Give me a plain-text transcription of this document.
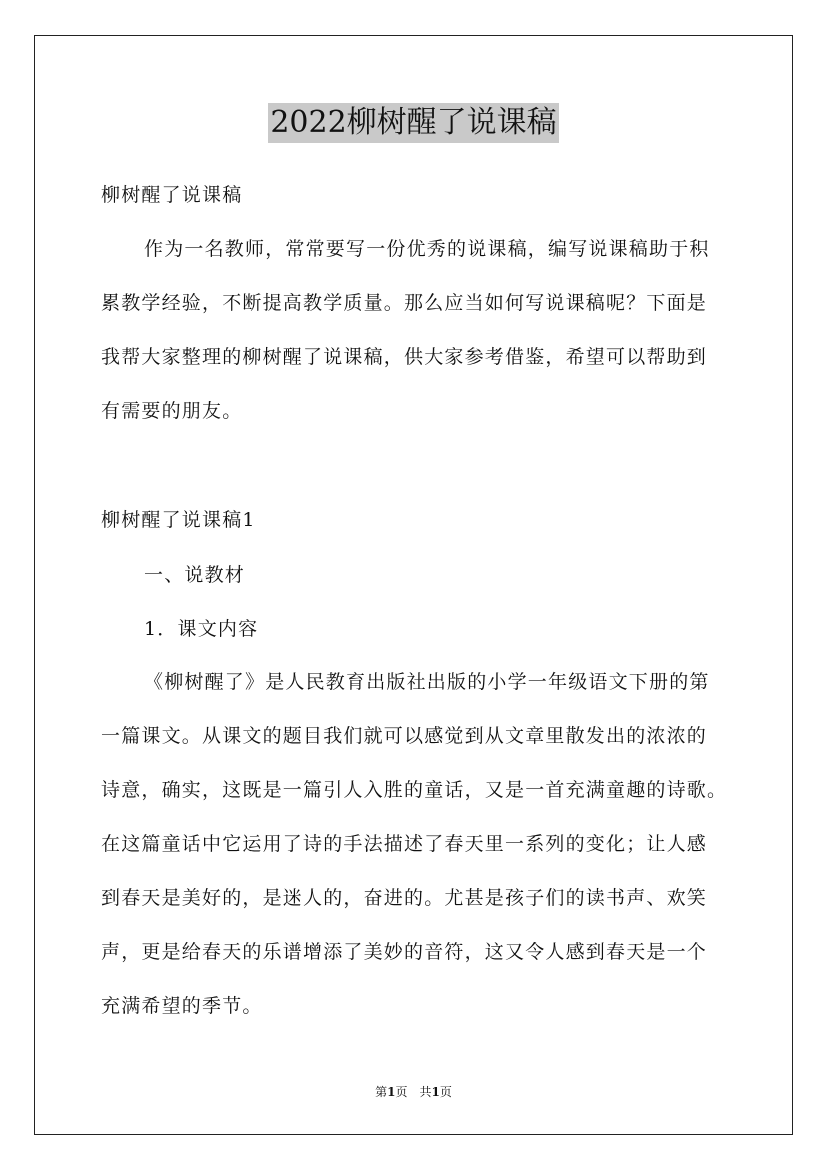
2022柳树醒了说课稿
柳树醒了说课稿
作为一名教师，常常要写一份优秀的说课稿，编写说课稿助于积
累教学经验，不断提高教学质量。那么应当如何写说课稿呢？下面是
我帮大家整理的柳树醒了说课稿，供大家参考借鉴，希望可以帮助到
有需要的朋友。
柳树醒了说课稿1
一、说教材
1．课文内容
《柳树醒了》是人民教育出版社出版的小学一年级语文下册的第
一篇课文。从课文的题目我们就可以感觉到从文章里散发出的浓浓的
诗意，确实，这既是一篇引人入胜的童话，又是一首充满童趣的诗歌。
在这篇童话中它运用了诗的手法描述了春天里一系列的变化；让人感
到春天是美好的，是迷人的，奋进的。尤甚是孩子们的读书声、欢笑
声，更是给春天的乐谱增添了美妙的音符，这又令人感到春天是一个
充满希望的季节。
第1页　共1页
